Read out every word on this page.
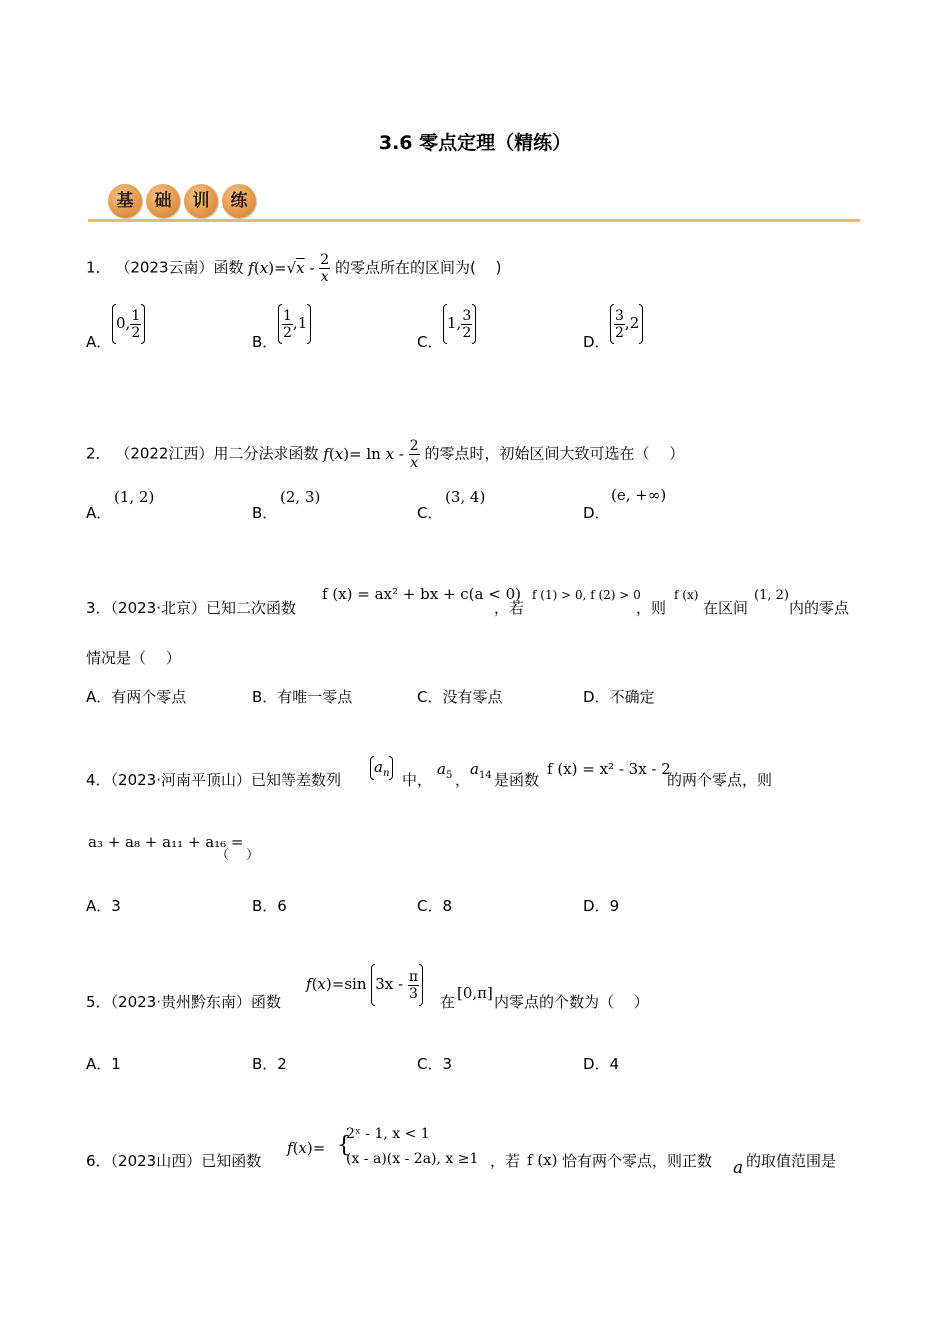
3.6 零点定理（精练）
基	础	训	练
1． （2023云南）函数 $f(x)=√x - \frac{2}{x}$ 的零点所在的区间为(　 )
A．
0, $\frac{1}{2}$
B．
$\frac{1}{2} ,1$
C．
1, $\frac{3}{2}$
D．
$\frac{3}{2} ,2$
2． （2022江西）用二分法求函数 $f(x)= \ln x - \frac{2}{x}$ 的零点时，初始区间大致可选在（　 ）
A．
(1, 2)
B．
(2, 3)
C．
(3, 4)
D．
(e, +∞)
3．（2023·北京）已知二次函数
f (x) = ax² + bx + c(a < 0)
，若
f (1) > 0, f (2) > 0
，则
f (x)
在区间
(1, 2)
内的零点
情况是（　 ）
A．有两个零点	B．有唯一零点	C．没有零点	D．不确定
4．（2023·河南平顶山）已知等差数列
$a_n$ 中，
$a_5$ ，
$a_{14}$ 是函数
f (x) = x² - 3x - 2
的两个零点，则
a₃ + a₈ + a₁₁ + a₁₆ =
（　 ）
A．3	B．6	C．8	D．9
5．（2023·贵州黔东南）函数
f(x)=sin $3x - \frac{\pi}{3}$
在 [0,π] 内零点的个数为（　 ）
A．1	B．2	C．3	D．4
6．（2023山西）已知函数
f(x)= {
2ˣ - 1, x < 1
(x - a)(x - 2a), x ≥1 ，若 f (x) 恰有两个零点，则正数 a 的取值范围是
